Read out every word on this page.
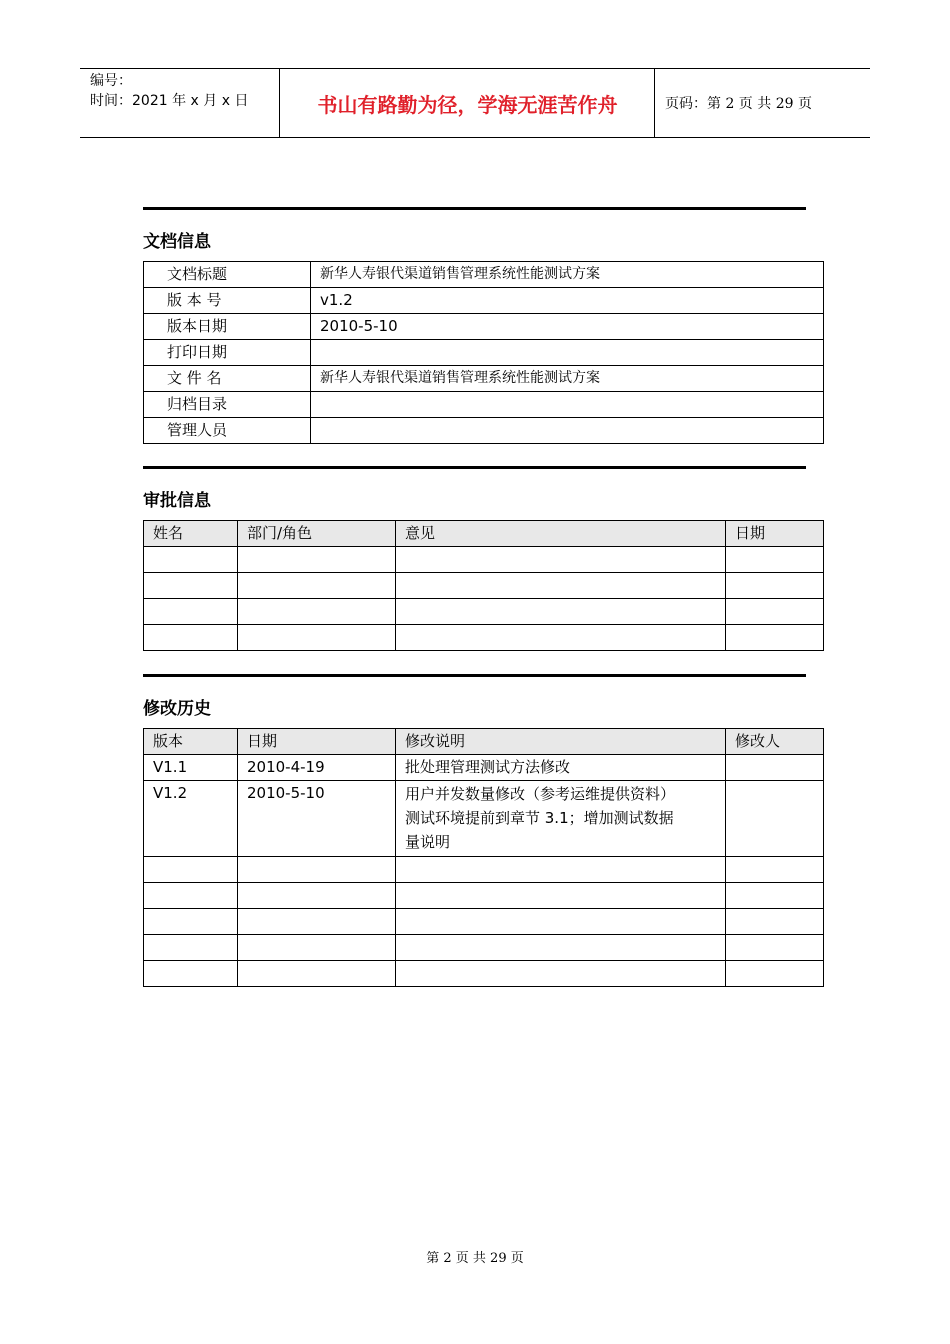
编号：
时间：2021 年 x 月 x 日	书山有路勤为径，学海无涯苦作舟	页码：第 2 页 共 29 页
文档信息
文档标题	新华人寿银代渠道销售管理系统性能测试方案
版 本 号	v1.2
版本日期	2010-5-10
打印日期	
文 件 名	新华人寿银代渠道销售管理系统性能测试方案
归档目录	
管理人员	
审批信息
姓名	部门/角色	意见	日期

修改历史
版本	日期	修改说明	修改人
V1.1	2010-4-19	批处理管理测试方法修改	
V1.2	2010-5-10	用户并发数量修改（参考运维提供资料）
测试环境提前到章节 3.1；增加测试数据
量说明	

第 2 页 共 29 页
